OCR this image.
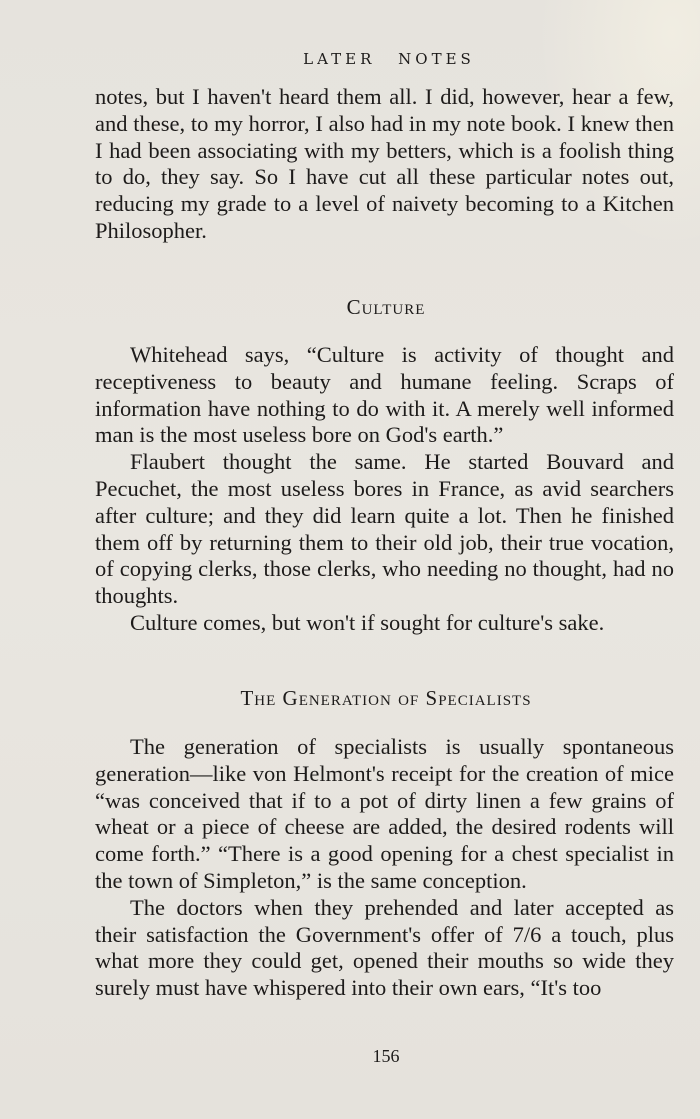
LATER NOTES

notes, but I haven't heard them all. I did, however, hear a few, and these, to my horror, I also had in my note book. I knew then I had been associating with my betters, which is a foolish thing to do, they say. So I have cut all these particular notes out, reducing my grade to a level of naivety becoming to a Kitchen Philosopher.

Culture

Whitehead says, “Culture is activity of thought and receptiveness to beauty and humane feeling. Scraps of information have nothing to do with it. A merely well informed man is the most useless bore on God's earth.”

Flaubert thought the same. He started Bouvard and Pecuchet, the most useless bores in France, as avid searchers after culture; and they did learn quite a lot. Then he finished them off by returning them to their old job, their true vocation, of copying clerks, those clerks, who needing no thought, had no thoughts.

Culture comes, but won't if sought for culture's sake.

The Generation of Specialists

The generation of specialists is usually spontaneous generation—like von Helmont's receipt for the creation of mice “was conceived that if to a pot of dirty linen a few grains of wheat or a piece of cheese are added, the desired rodents will come forth.” “There is a good opening for a chest specialist in the town of Simpleton,” is the same conception.

The doctors when they prehended and later accepted as their satisfaction the Government's offer of 7/6 a touch, plus what more they could get, opened their mouths so wide they surely must have whispered into their own ears, “It's too

156
